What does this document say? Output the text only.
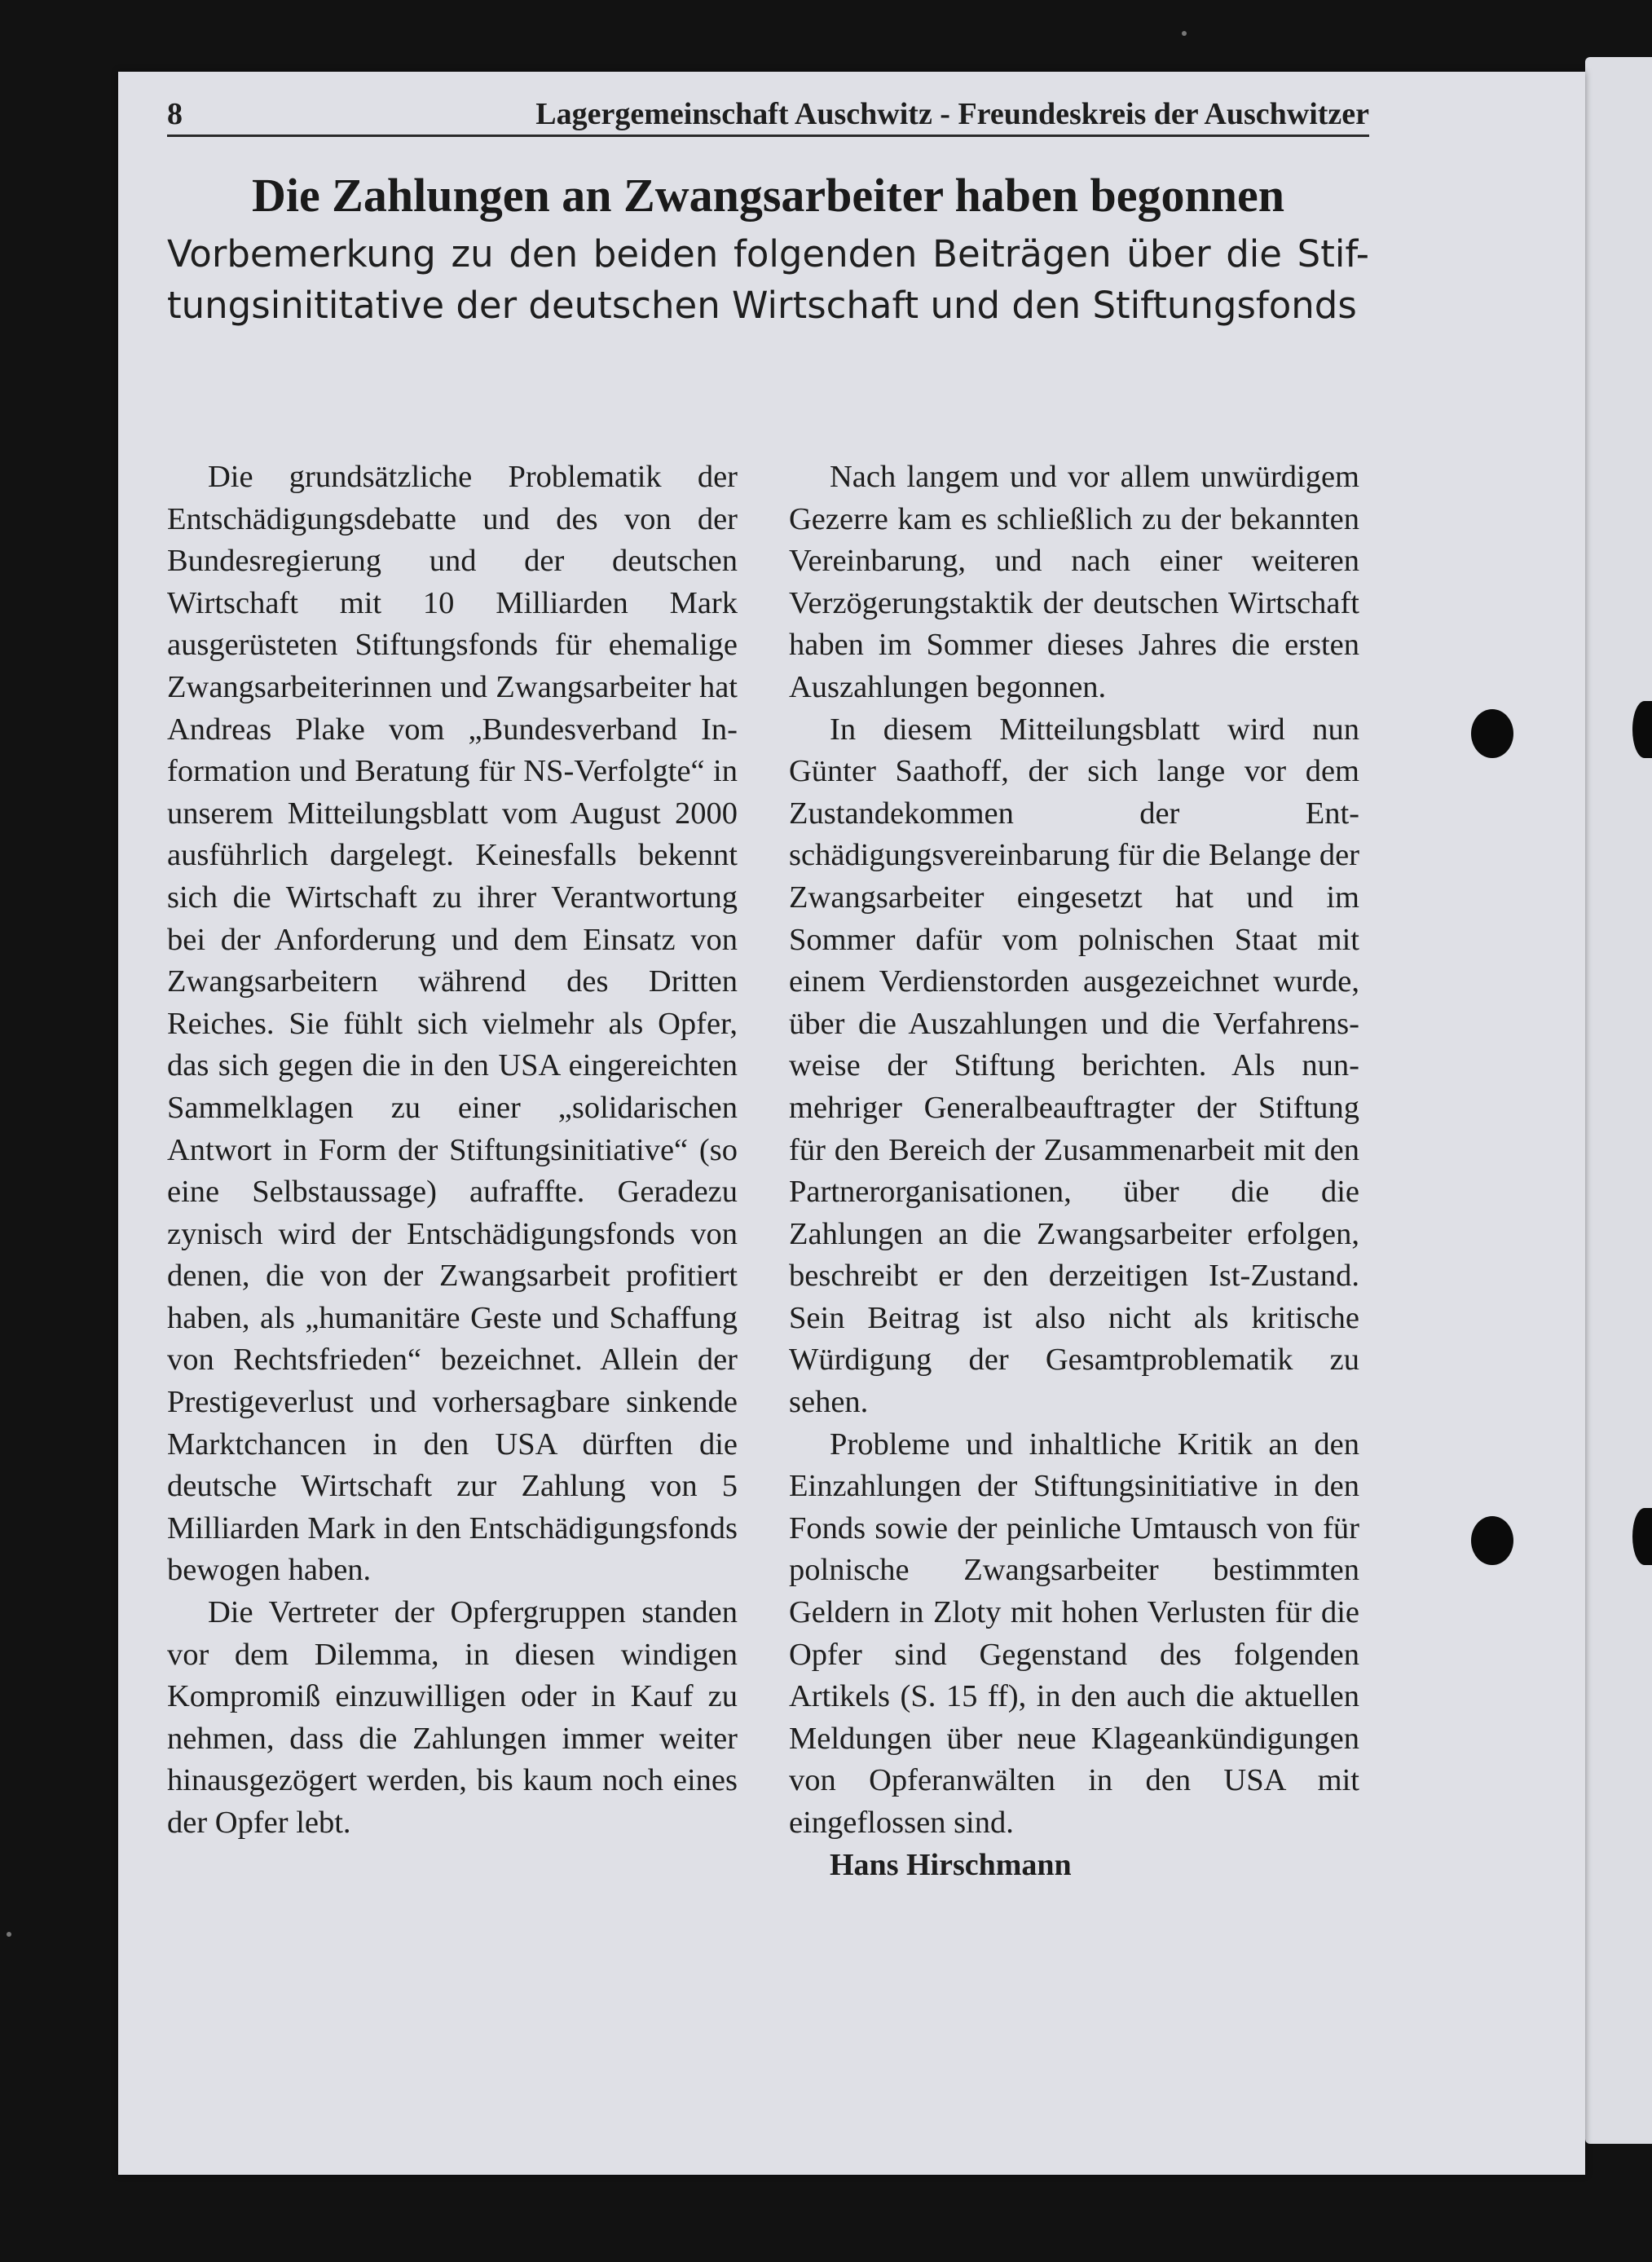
8	Lagergemeinschaft Auschwitz - Freundeskreis der Auschwitzer
Die Zahlungen an Zwangsarbeiter haben begonnen
Vorbemerkung zu den beiden folgenden Beiträgen über die Stif-
tungsinititative der deutschen Wirtschaft und den Stiftungsfonds

Die grundsätzliche Problematik der Entschädigungsdebatte und des von der Bundesregierung und der deutschen Wirtschaft mit 10 Milliarden Mark ausgerüsteten Stiftungsfonds für ehemalige Zwangsarbeiterinnen und Zwangsarbeiter hat Andreas Plake vom „Bundesverband Information und Beratung für NS-Verfolgte“ in unserem Mitteilungsblatt vom August 2000 ausführlich dargelegt. Keinesfalls bekennt sich die Wirtschaft zu ihrer Verantwortung bei der Anforderung und dem Einsatz von Zwangsarbeitern während des Dritten Reiches. Sie fühlt sich vielmehr als Opfer, das sich gegen die in den USA eingereichten Sammelklagen zu einer „solidarischen Antwort in Form der Stiftungsinitiative“ (so eine Selbstaussage) aufraffte. Geradezu zynisch wird der Entschädigungsfonds von denen, die von der Zwangsarbeit profitiert haben, als „humanitäre Geste und Schaffung von Rechtsfrieden“ bezeichnet. Allein der Prestigeverlust und vorhersagbare sinkende Marktchancen in den USA dürften die deutsche Wirtschaft zur Zahlung von 5 Milliarden Mark in den Entschädigungsfonds bewogen haben.

Die Vertreter der Opfergruppen standen vor dem Dilemma, in diesen windigen Kompromiß einzuwilligen oder in Kauf zu nehmen, dass die Zahlungen immer weiter hinausgezögert werden, bis kaum noch eines der Opfer lebt.

Nach langem und vor allem unwürdigem Gezerre kam es schließlich zu der bekannten Vereinbarung, und nach einer weiteren Verzögerungstaktik der deutschen Wirtschaft haben im Sommer dieses Jahres die ersten Auszahlungen begonnen.

In diesem Mitteilungsblatt wird nun Günter Saathoff, der sich lange vor dem Zustandekommen der Entschädigungsvereinbarung für die Belange der Zwangsarbeiter eingesetzt hat und im Sommer dafür vom polnischen Staat mit einem Verdienstorden ausgezeichnet wurde, über die Auszahlungen und die Verfahrensweise der Stiftung berichten. Als nunmehriger Generalbeauftragter der Stiftung für den Bereich der Zusammenarbeit mit den Partnerorganisationen, über die die Zahlungen an die Zwangsarbeiter erfolgen, beschreibt er den derzeitigen Ist-Zustand. Sein Beitrag ist also nicht als kritische Würdigung der Gesamtproblematik zu sehen.

Probleme und inhaltliche Kritik an den Einzahlungen der Stiftungsinitiative in den Fonds sowie der peinliche Umtausch von für polnische Zwangsarbeiter bestimmten Geldern in Zloty mit hohen Verlusten für die Opfer sind Gegenstand des folgenden Artikels (S. 15 ff), in den auch die aktuellen Meldungen über neue Klageankündigungen von Opferanwälten in den USA mit eingeflossen sind.

Hans Hirschmann
